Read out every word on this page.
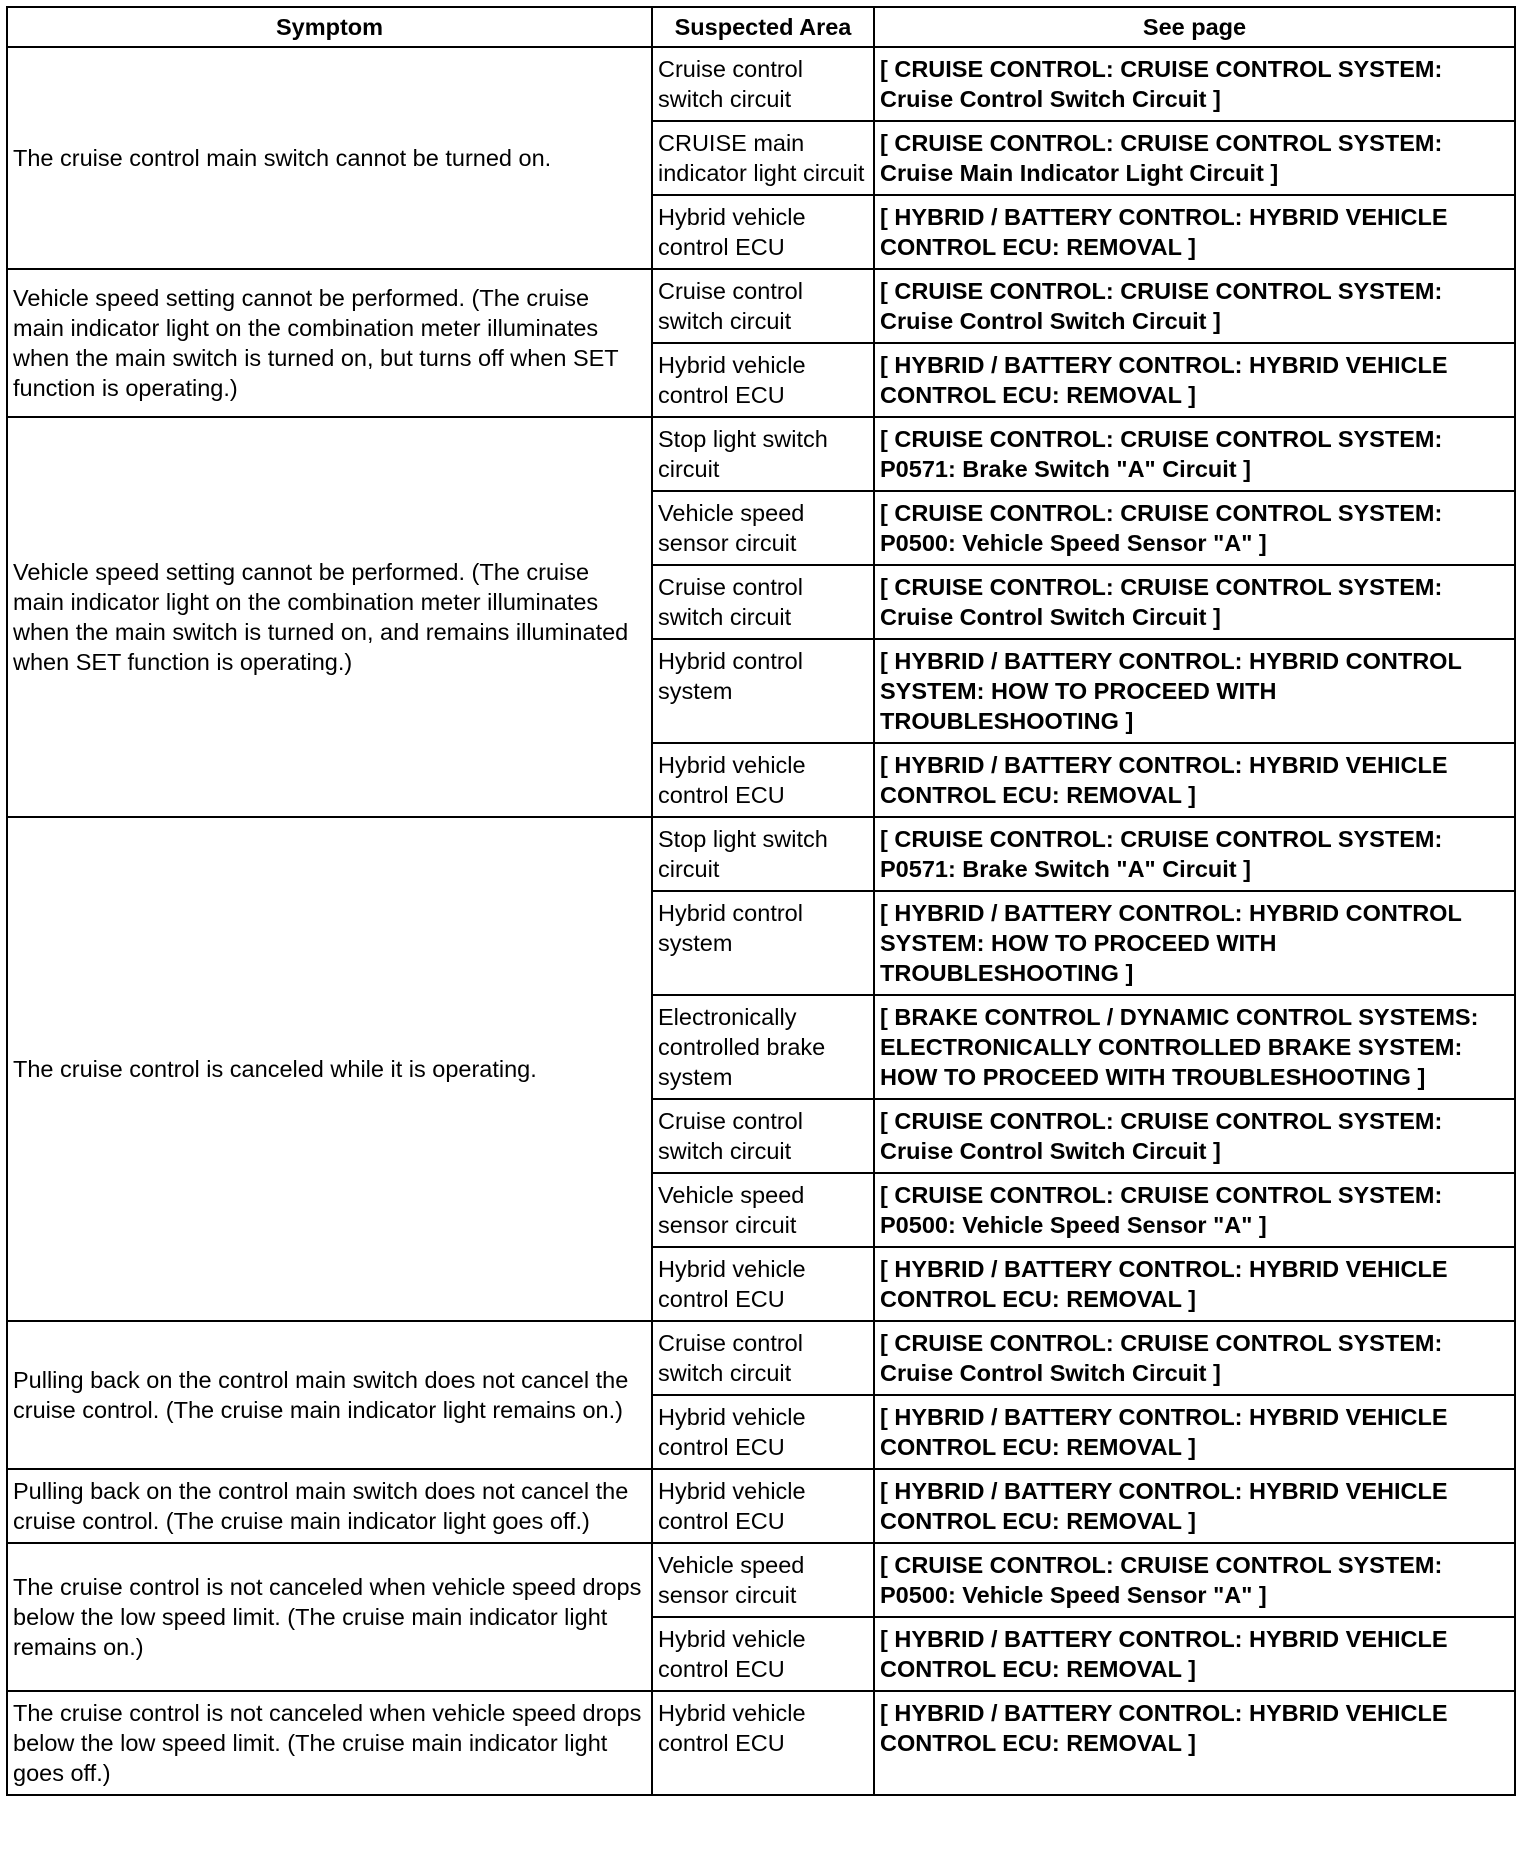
Symptom	Suspected Area	See page
The cruise control main switch cannot be turned on.	Cruise control switch circuit	[ CRUISE CONTROL: CRUISE CONTROL SYSTEM: Cruise Control Switch Circuit ]
	CRUISE main indicator light circuit	[ CRUISE CONTROL: CRUISE CONTROL SYSTEM: Cruise Main Indicator Light Circuit ]
	Hybrid vehicle control ECU	[ HYBRID / BATTERY CONTROL: HYBRID VEHICLE CONTROL ECU: REMOVAL ]
Vehicle speed setting cannot be performed. (The cruise main indicator light on the combination meter illuminates when the main switch is turned on, but turns off when SET function is operating.)	Cruise control switch circuit	[ CRUISE CONTROL: CRUISE CONTROL SYSTEM: Cruise Control Switch Circuit ]
	Hybrid vehicle control ECU	[ HYBRID / BATTERY CONTROL: HYBRID VEHICLE CONTROL ECU: REMOVAL ]
Vehicle speed setting cannot be performed. (The cruise main indicator light on the combination meter illuminates when the main switch is turned on, and remains illuminated when SET function is operating.)	Stop light switch circuit	[ CRUISE CONTROL: CRUISE CONTROL SYSTEM: P0571: Brake Switch "A" Circuit ]
	Vehicle speed sensor circuit	[ CRUISE CONTROL: CRUISE CONTROL SYSTEM: P0500: Vehicle Speed Sensor "A" ]
	Cruise control switch circuit	[ CRUISE CONTROL: CRUISE CONTROL SYSTEM: Cruise Control Switch Circuit ]
	Hybrid control system	[ HYBRID / BATTERY CONTROL: HYBRID CONTROL SYSTEM: HOW TO PROCEED WITH TROUBLESHOOTING ]
	Hybrid vehicle control ECU	[ HYBRID / BATTERY CONTROL: HYBRID VEHICLE CONTROL ECU: REMOVAL ]
The cruise control is canceled while it is operating.	Stop light switch circuit	[ CRUISE CONTROL: CRUISE CONTROL SYSTEM: P0571: Brake Switch "A" Circuit ]
	Hybrid control system	[ HYBRID / BATTERY CONTROL: HYBRID CONTROL SYSTEM: HOW TO PROCEED WITH TROUBLESHOOTING ]
	Electronically controlled brake system	[ BRAKE CONTROL / DYNAMIC CONTROL SYSTEMS: ELECTRONICALLY CONTROLLED BRAKE SYSTEM: HOW TO PROCEED WITH TROUBLESHOOTING ]
	Cruise control switch circuit	[ CRUISE CONTROL: CRUISE CONTROL SYSTEM: Cruise Control Switch Circuit ]
	Vehicle speed sensor circuit	[ CRUISE CONTROL: CRUISE CONTROL SYSTEM: P0500: Vehicle Speed Sensor "A" ]
	Hybrid vehicle control ECU	[ HYBRID / BATTERY CONTROL: HYBRID VEHICLE CONTROL ECU: REMOVAL ]
Pulling back on the control main switch does not cancel the cruise control. (The cruise main indicator light remains on.)	Cruise control switch circuit	[ CRUISE CONTROL: CRUISE CONTROL SYSTEM: Cruise Control Switch Circuit ]
	Hybrid vehicle control ECU	[ HYBRID / BATTERY CONTROL: HYBRID VEHICLE CONTROL ECU: REMOVAL ]
Pulling back on the control main switch does not cancel the cruise control. (The cruise main indicator light goes off.)	Hybrid vehicle control ECU	[ HYBRID / BATTERY CONTROL: HYBRID VEHICLE CONTROL ECU: REMOVAL ]
The cruise control is not canceled when vehicle speed drops below the low speed limit. (The cruise main indicator light remains on.)	Vehicle speed sensor circuit	[ CRUISE CONTROL: CRUISE CONTROL SYSTEM: P0500: Vehicle Speed Sensor "A" ]
	Hybrid vehicle control ECU	[ HYBRID / BATTERY CONTROL: HYBRID VEHICLE CONTROL ECU: REMOVAL ]
The cruise control is not canceled when vehicle speed drops below the low speed limit. (The cruise main indicator light goes off.)	Hybrid vehicle control ECU	[ HYBRID / BATTERY CONTROL: HYBRID VEHICLE CONTROL ECU: REMOVAL ]
